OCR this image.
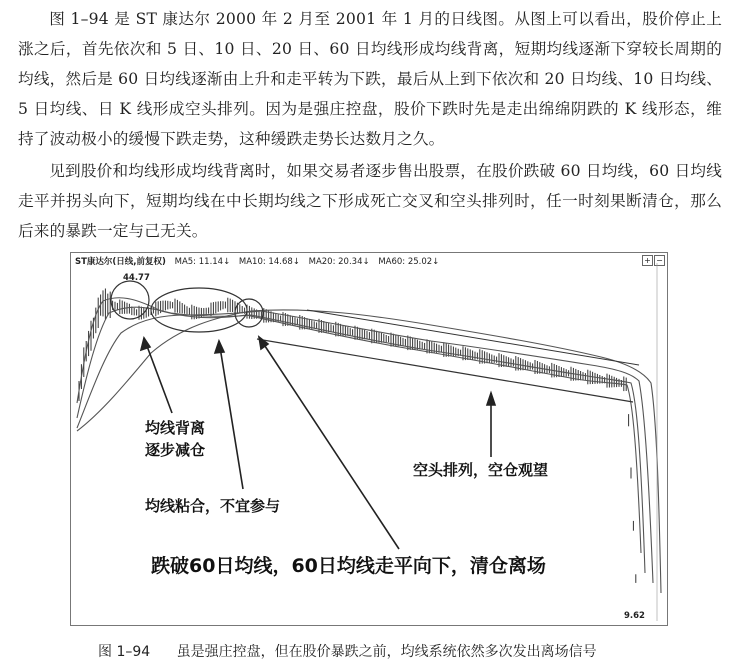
图 1–94 是 ST 康达尔 2000 年 2 月至 2001 年 1 月的日线图。从图上可以看出，股价停止上涨之后，首先依次和 5 日、10 日、20 日、60 日均线形成均线背离，短期均线逐渐下穿较长周期的均线，然后是 60 日均线逐渐由上升和走平转为下跌，最后从上到下依次和 20 日均线、10 日均线、5 日均线、日 K 线形成空头排列。因为是强庄控盘，股价下跌时先是走出绵绵阴跌的 K 线形态，维持了波动极小的缓慢下跌走势，这种缓跌走势长达数月之久。
见到股价和均线形成均线背离时，如果交易者逐步售出股票，在股价跌破 60 日均线，60 日均线走平并拐头向下，短期均线在中长期均线之下形成死亡交叉和空头排列时，任一时刻果断清仓，那么后来的暴跌一定与己无关。
ST康达尔(日线,前复权) MA5: 11.14↓ MA10: 14.68↓ MA20: 20.34↓ MA60: 25.02↓	+ −
44.77
9.62
均线背离
逐步减仓
均线粘合，不宜参与
空头排列，空仓观望
跌破60日均线，60日均线走平向下，清仓离场
图 1–94 虽是强庄控盘，但在股价暴跌之前，均线系统依然多次发出离场信号
